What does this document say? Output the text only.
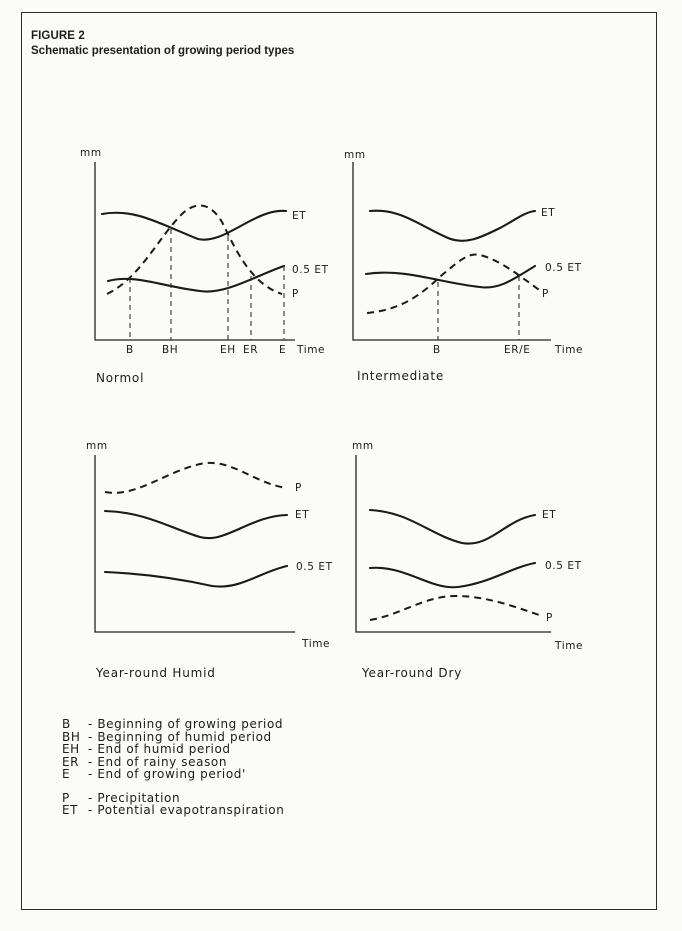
FIGURE 2
Schematic presentation of growing period types
mm
ET
0.5 ET
P
B	BH	EH ER E Time
Normol
mm
ET
0.5 ET
P
B	ER/E Time
Intermediate
mm
P
ET
0.5 ET
Time
Year-round Humid
mm
ET
0.5 ET
P
Time
Year-round Dry
B	- Beginning of growing period
BH - Beginning of humid period
EH - End of humid period
ER - End of rainy season
E	- End of growing period'
P	- Precipitation
ET - Potential evapotranspiration
